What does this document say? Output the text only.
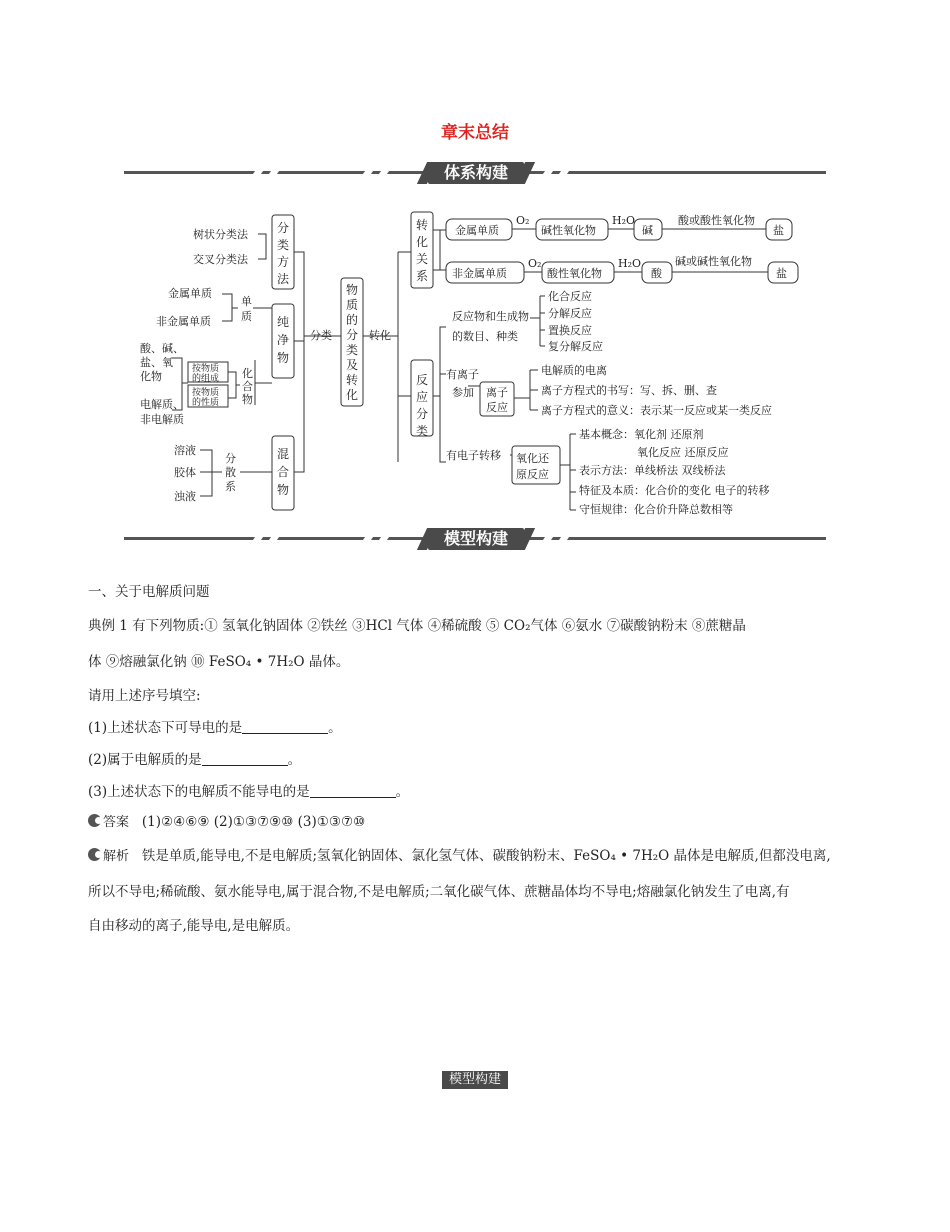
章末总结
体系构建
模型构建
树状分类法
交叉分类法
分
类
方
法
金属单质
非金属单质
单
质
酸、碱、
盐、氧
化物
按物质
的组成
按物质
的性质
电解质、
非电解质
化
合
物
纯
净
物
溶液
胶体
浊液
分
散
系
混
合
物
分类
物
质
的
分
类
及
转
化
转化
转
化
关
系
金属单质
O₂
碱性氧化物
H₂O
碱
酸或酸性氧化物
盐
非金属单质
O₂
酸性氧化物
H₂O
酸
碱或碱性氧化物
盐
反
应
分
类
反应物和生成物
的数目、种类
化合反应
分解反应
置换反应
复分解反应
有离子
参加 离子
反应
电解质的电离
离子方程式的书写：写、拆、删、查
离子方程式的意义：表示某一反应或某一类反应
有电子转移 氧化还
原反应
基本概念：氧化剂 还原剂
氧化反应 还原反应
表示方法：单线桥法 双线桥法
特征及本质：化合价的变化 电子的转移
守恒规律：化合价升降总数相等
一、关于电解质问题
典例 1 有下列物质:① 氢氧化钠固体 ②铁丝 ③HCl 气体 ④稀硫酸 ⑤ CO₂气体 ⑥氨水 ⑦碳酸钠粉末 ⑧蔗糖晶
体 ⑨熔融氯化钠 ⑩ FeSO₄ • 7H₂O 晶体。
请用上述序号填空:
(1)上述状态下可导电的是	。
(2)属于电解质的是	。
(3)上述状态下的电解质不能导电的是	。
答案 (1)②④⑥⑨ (2)①③⑦⑨⑩ (3)①③⑦⑩
解析 铁是单质,能导电,不是电解质;氢氧化钠固体、氯化氢气体、碳酸钠粉末、FeSO₄ • 7H₂O 晶体是电解质,但都没电离,
所以不导电;稀硫酸、氨水能导电,属于混合物,不是电解质;二氧化碳气体、蔗糖晶体均不导电;熔融氯化钠发生了电离,有
自由移动的离子,能导电,是电解质。
模型构建
